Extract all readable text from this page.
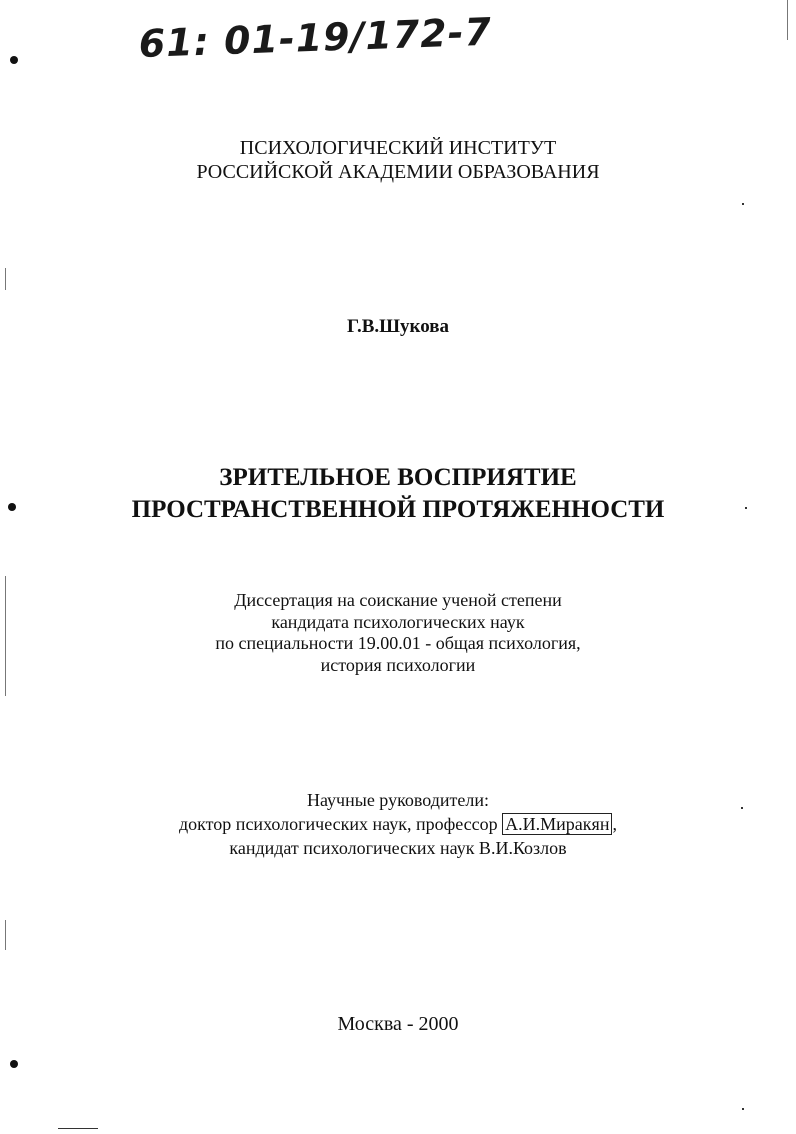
61: 01-19/172-7
ПСИХОЛОГИЧЕСКИЙ ИНСТИТУТ
РОССИЙСКОЙ АКАДЕМИИ ОБРАЗОВАНИЯ
Г.В.Шукова
ЗРИТЕЛЬНОЕ ВОСПРИЯТИЕ
ПРОСТРАНСТВЕННОЙ ПРОТЯЖЕННОСТИ
Диссертация на соискание ученой степени
кандидата психологических наук
по специальности 19.00.01 - общая психология,
история психологии
Научные руководители:
доктор психологических наук, профессор А.И.Миракян ,
кандидат психологических наук В.И.Козлов
Москва - 2000
